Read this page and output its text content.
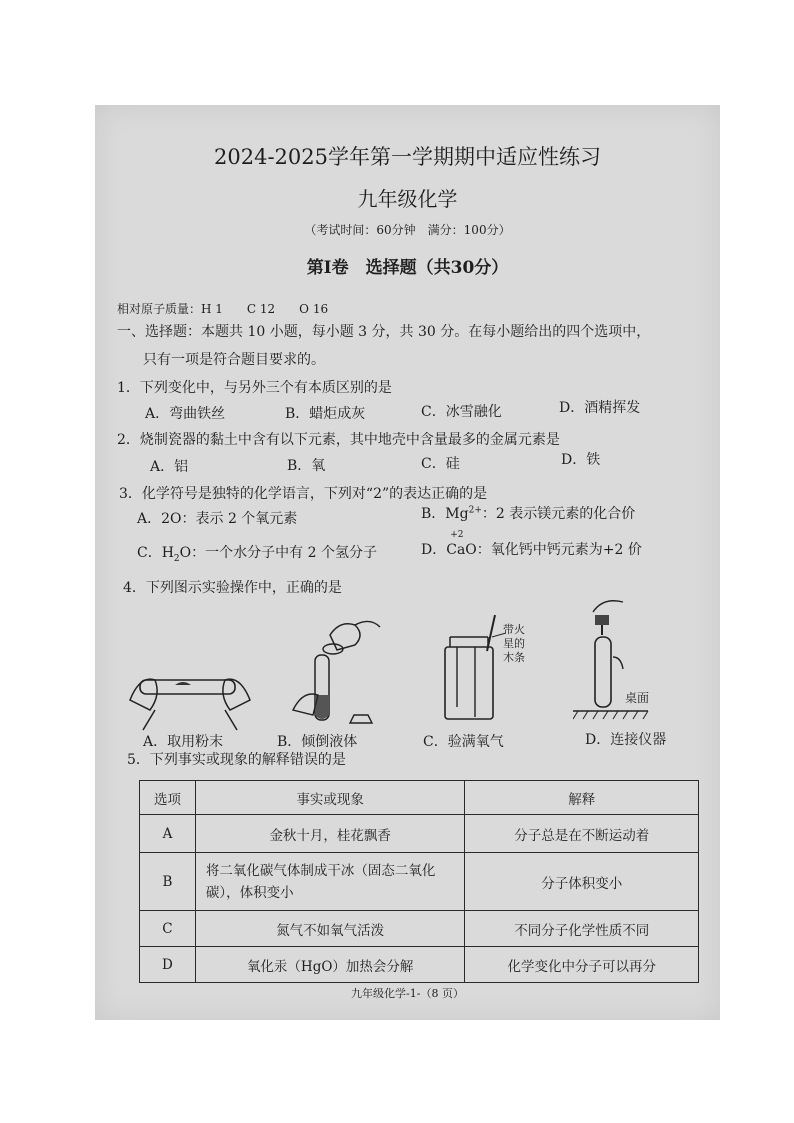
2024-2025学年第一学期期中适应性练习
九年级化学
（考试时间：60分钟　满分：100分）
第Ⅰ卷　选择题（共30分）
相对原子质量：H 1　　C 12　　O 16
一、选择题：本题共 10 小题，每小题 3 分，共 30 分。在每小题给出的四个选项中，
只有一项是符合题目要求的。
1．下列变化中，与另外三个有本质区别的是
A．弯曲铁丝	B．蜡炬成灰	C．冰雪融化	D．酒精挥发
2．烧制瓷器的黏土中含有以下元素，其中地壳中含量最多的金属元素是
A．铝	B．氧	C．硅	D．铁
3．化学符号是独特的化学语言，下列对“2”的表达正确的是
A．2O：表示 2 个氧元素	B．$Mg^{2+}$：2 表示镁元素的化合价
C．$H_2O$：一个水分子中有 2 个氢分子	D．
+2
CaO：氧化钙中钙元素为+2 价
4．下列图示实验操作中，正确的是
A．取用粉末	B．倾倒液体
带火
星的
木条
C．验满氧气
桌面
D．连接仪器
5．下列事实或现象的解释错误的是
选项	事实或现象	解释
A	金秋十月，桂花飘香	分子总是在不断运动着
B	将二氧化碳气体制成干冰（固态二氧化碳），体积变小	分子体积变小
C	氮气不如氧气活泼	不同分子化学性质不同
D	氧化汞（HgO）加热会分解	化学变化中分子可以再分
九年级化学-1-（8 页）
